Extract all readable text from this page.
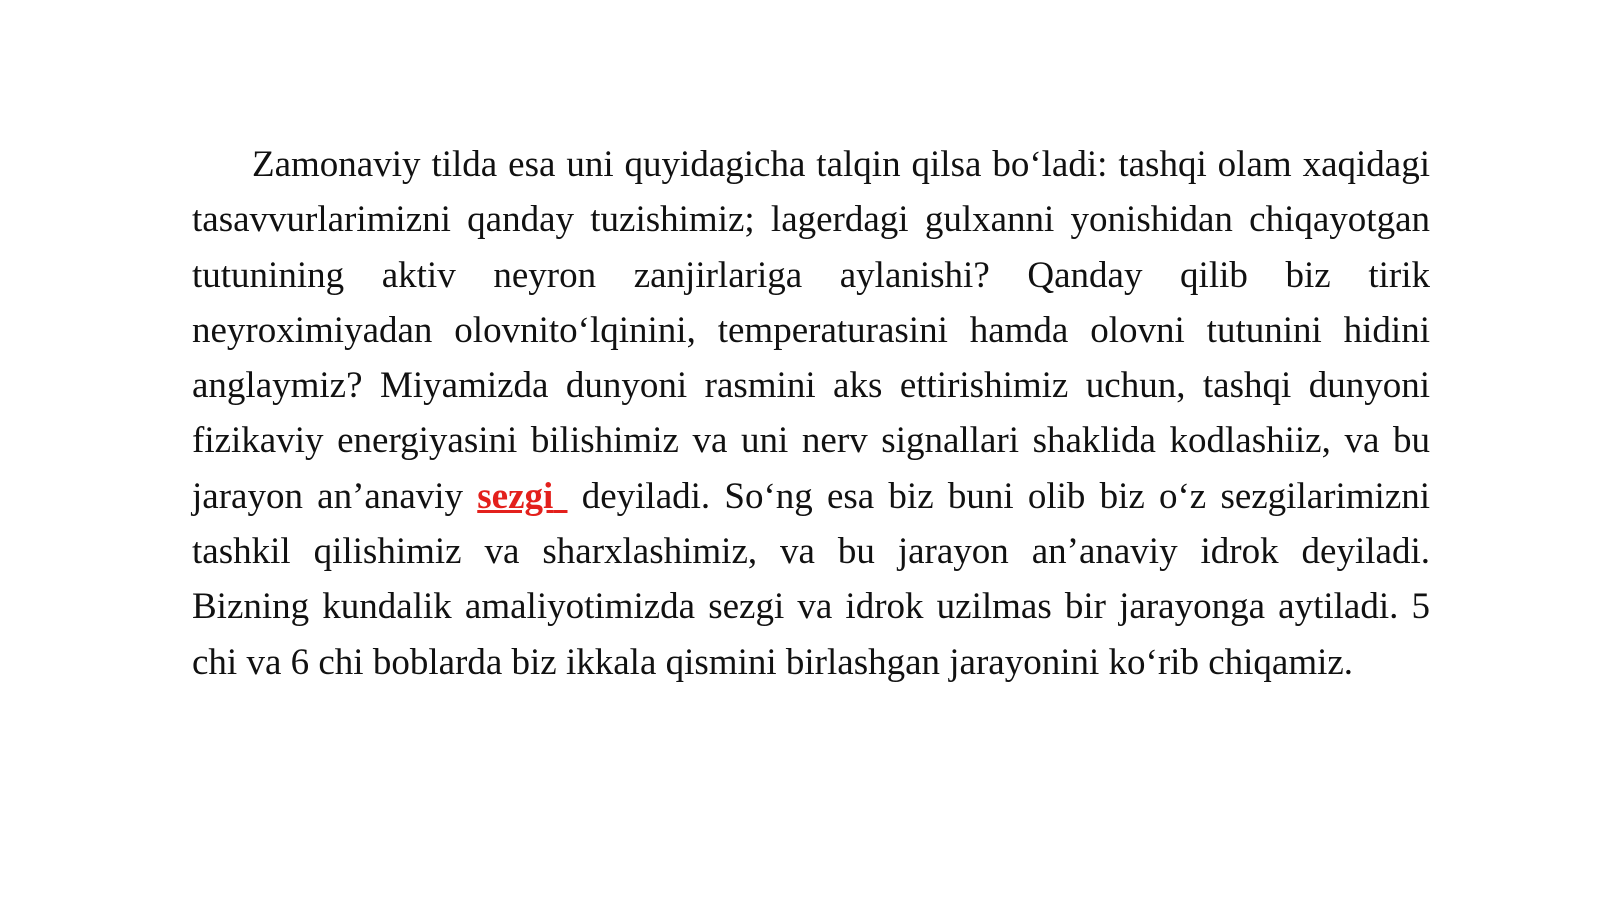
Zamonaviy tilda esa uni quyidagicha talqin qilsa bo‘ladi: tashqi olam xaqidagi tasavvurlarimizni qanday tuzishimiz; lagerdagi gulxanni yonishidan chiqayotgan tutunining aktiv neyron zanjirlariga aylanishi? Qanday qilib biz tirik neyroximiyadan olovnito‘lqinini, temperaturasini hamda olovni tutunini hidini anglaymiz? Miyamizda dunyoni rasmini aks ettirishimiz uchun, tashqi dunyoni fizikaviy energiyasini bilishimiz va uni nerv signallari shaklida kodlashiiz, va bu jarayon an’anaviy sezgi deyiladi. So‘ng esa biz buni olib biz o‘z sezgilarimizni tashkil qilishimiz va sharxlashimiz, va bu jarayon an’anaviy idrok deyiladi. Bizning kundalik amaliyotimizda sezgi va idrok uzilmas bir jarayonga aytiladi. 5 chi va 6 chi boblarda biz ikkala qismini birlashgan jarayonini ko‘rib chiqamiz.
